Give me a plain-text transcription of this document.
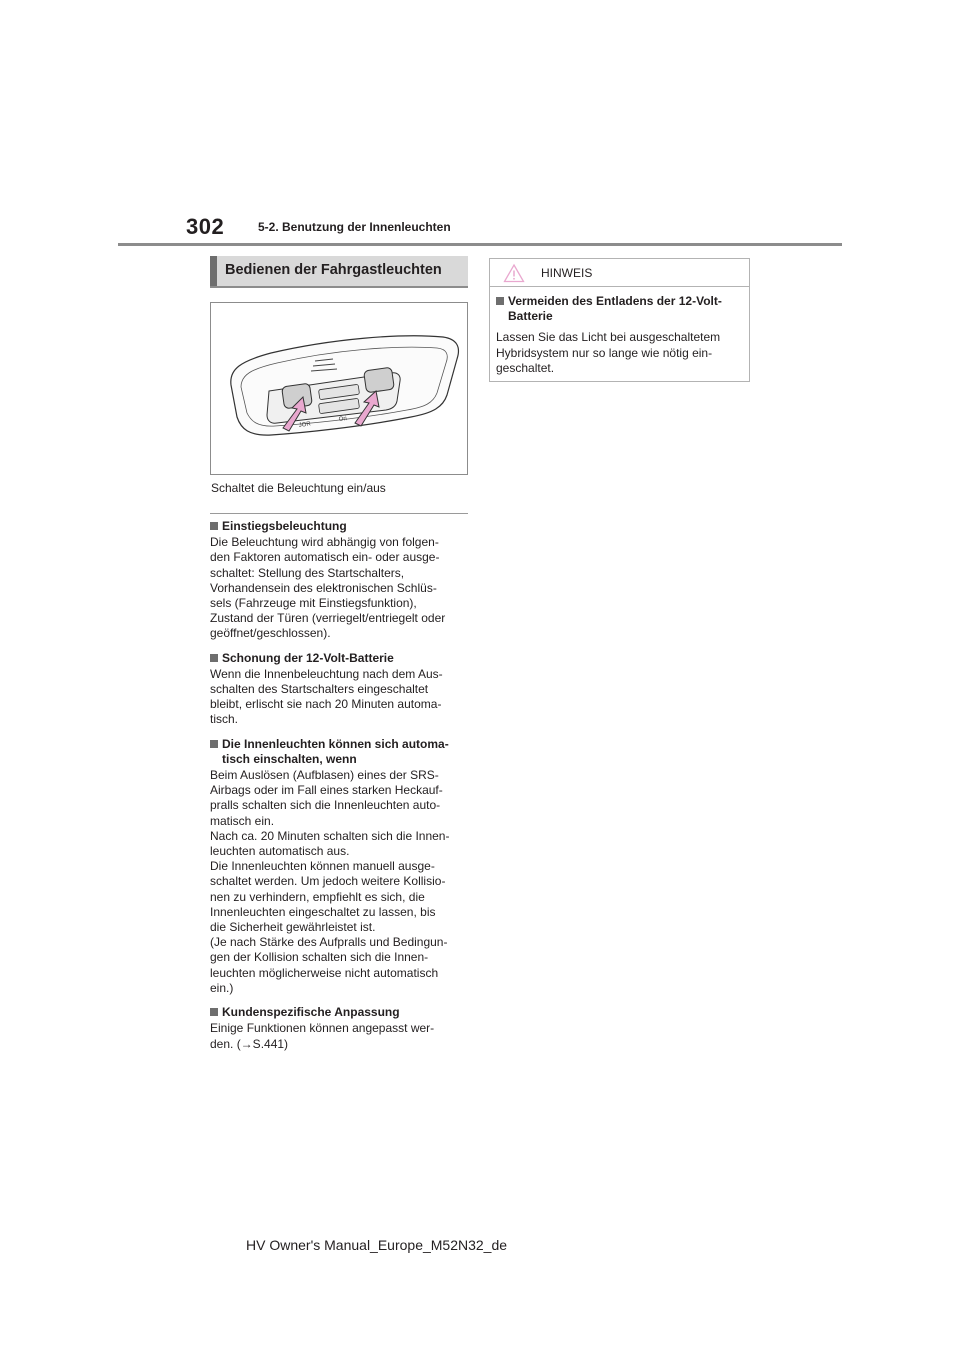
302	5-2. Benutzung der Innenleuchten
Bedienen der Fahrgastleuchten
JOR
Ori
Schaltet die Beleuchtung ein/aus

Einstiegsbeleuchtung

Die Beleuchtung wird abhängig von folgen-
den Faktoren automatisch ein- oder ausge-
schaltet: Stellung des Startschalters,
Vorhandensein des elektronischen Schlüs-
sels (Fahrzeuge mit Einstiegsfunktion),
Zustand der Türen (verriegelt/entriegelt oder
geöffnet/geschlossen).

Schonung der 12-Volt-Batterie

Wenn die Innenbeleuchtung nach dem Aus-
schalten des Startschalters eingeschaltet
bleibt, erlischt sie nach 20 Minuten automa-
tisch.

Die Innenleuchten können sich automa-
tisch einschalten, wenn

Beim Auslösen (Aufblasen) eines der SRS-
Airbags oder im Fall eines starken Heckauf-
pralls schalten sich die Innenleuchten auto-
matisch ein.
Nach ca. 20 Minuten schalten sich die Innen-
leuchten automatisch aus.
Die Innenleuchten können manuell ausge-
schaltet werden. Um jedoch weitere Kollisio-
nen zu verhindern, empfiehlt es sich, die
Innenleuchten eingeschaltet zu lassen, bis
die Sicherheit gewährleistet ist.
(Je nach Stärke des Aufpralls und Bedingun-
gen der Kollision schalten sich die Innen-
leuchten möglicherweise nicht automatisch
ein.)

Kundenspezifische Anpassung

Einige Funktionen können angepasst wer-
den. (→S.441)

HINWEIS

Vermeiden des Entladens der 12-Volt-
Batterie

Lassen Sie das Licht bei ausgeschaltetem
Hybridsystem nur so lange wie nötig ein-
geschaltet.

HV Owner's Manual_Europe_M52N32_de
